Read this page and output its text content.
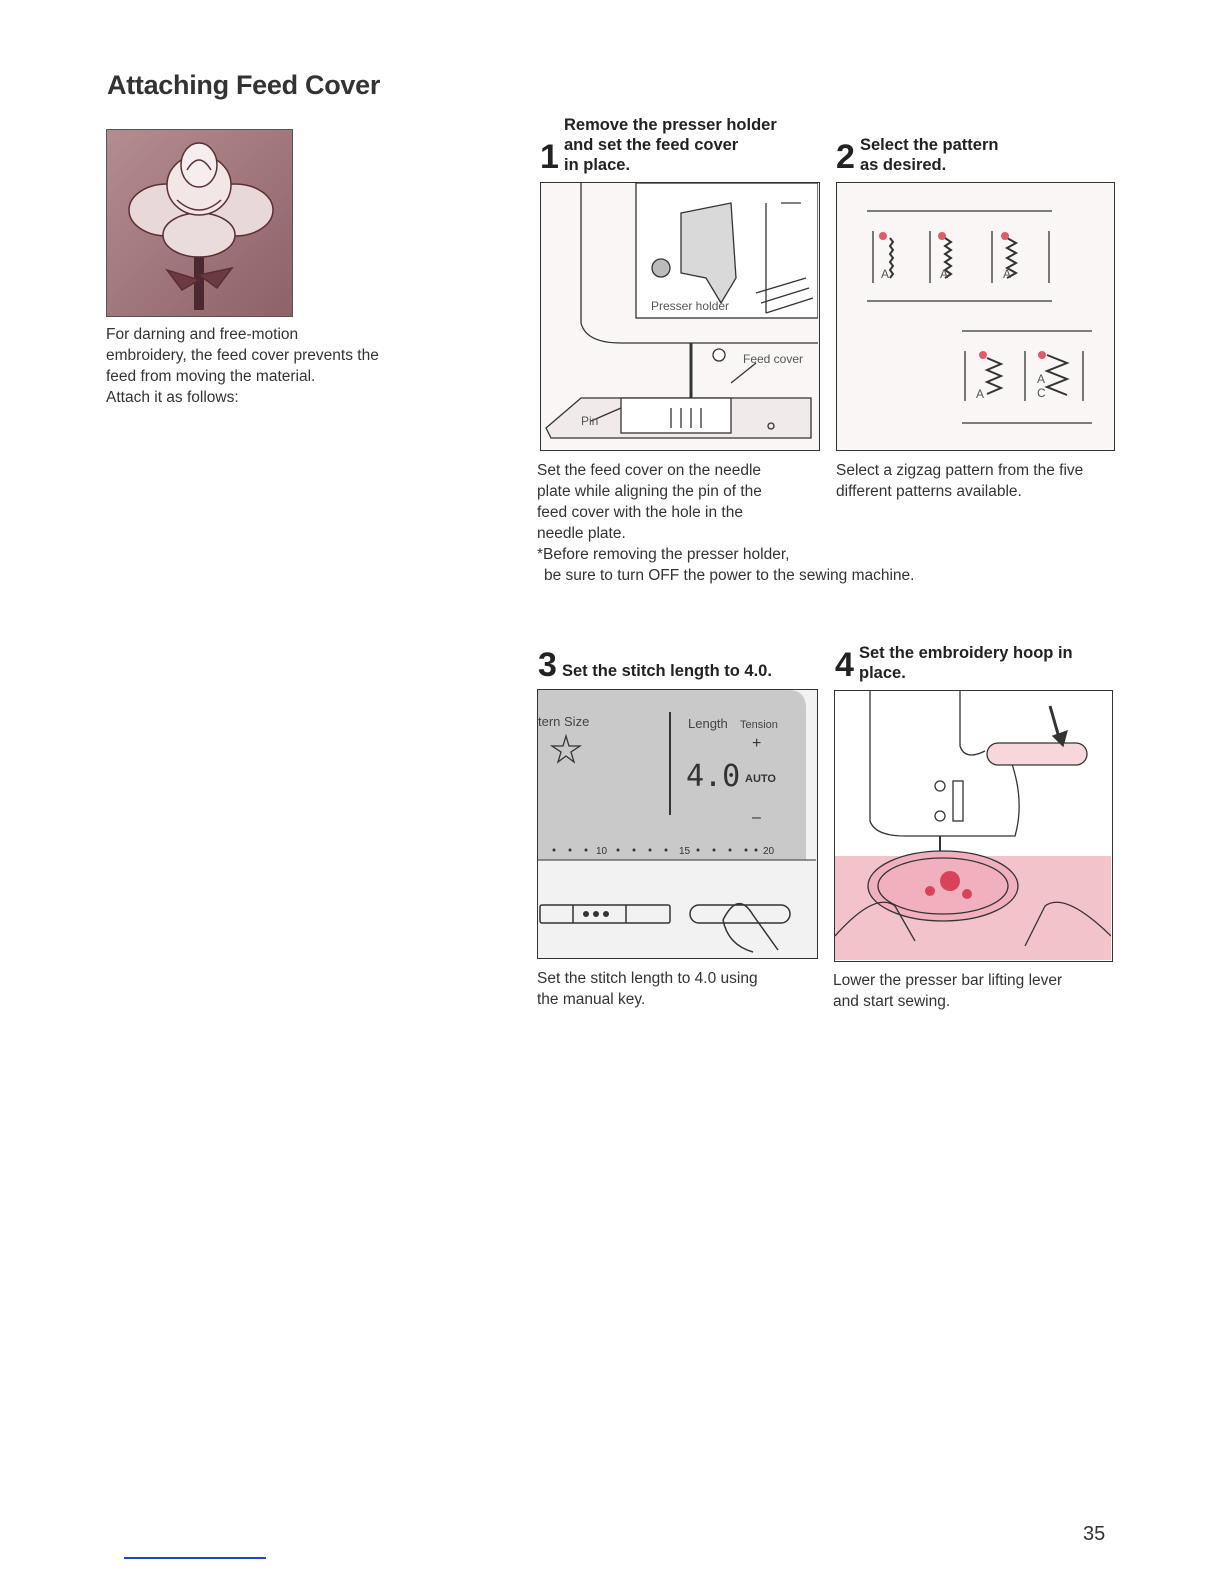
Attaching Feed Cover
For darning and free-motion
embroidery, the feed cover prevents the
feed from moving the material.
Attach it as follows:
1
Remove the presser holder
and set the feed cover
in place.
Presser holder
Feed cover
Pin
Set the feed cover on the needle
plate while aligning the pin of the
feed cover with the hole in the
needle plate.
*Before removing the presser holder,
be sure to turn OFF the power to the sewing machine.
2 Select the pattern
as desired.
A	A	A
A
A
C
Select a zigzag pattern from the five
different patterns available.
3 Set the stitch length to 4.0.
tern Size	Length Tension
+
4.0 AUTO
–
10	15	20
Set the stitch length to 4.0 using
the manual key.
4 Set the embroidery hoop in
place.
Lower the presser bar lifting lever
and start sewing.
35
